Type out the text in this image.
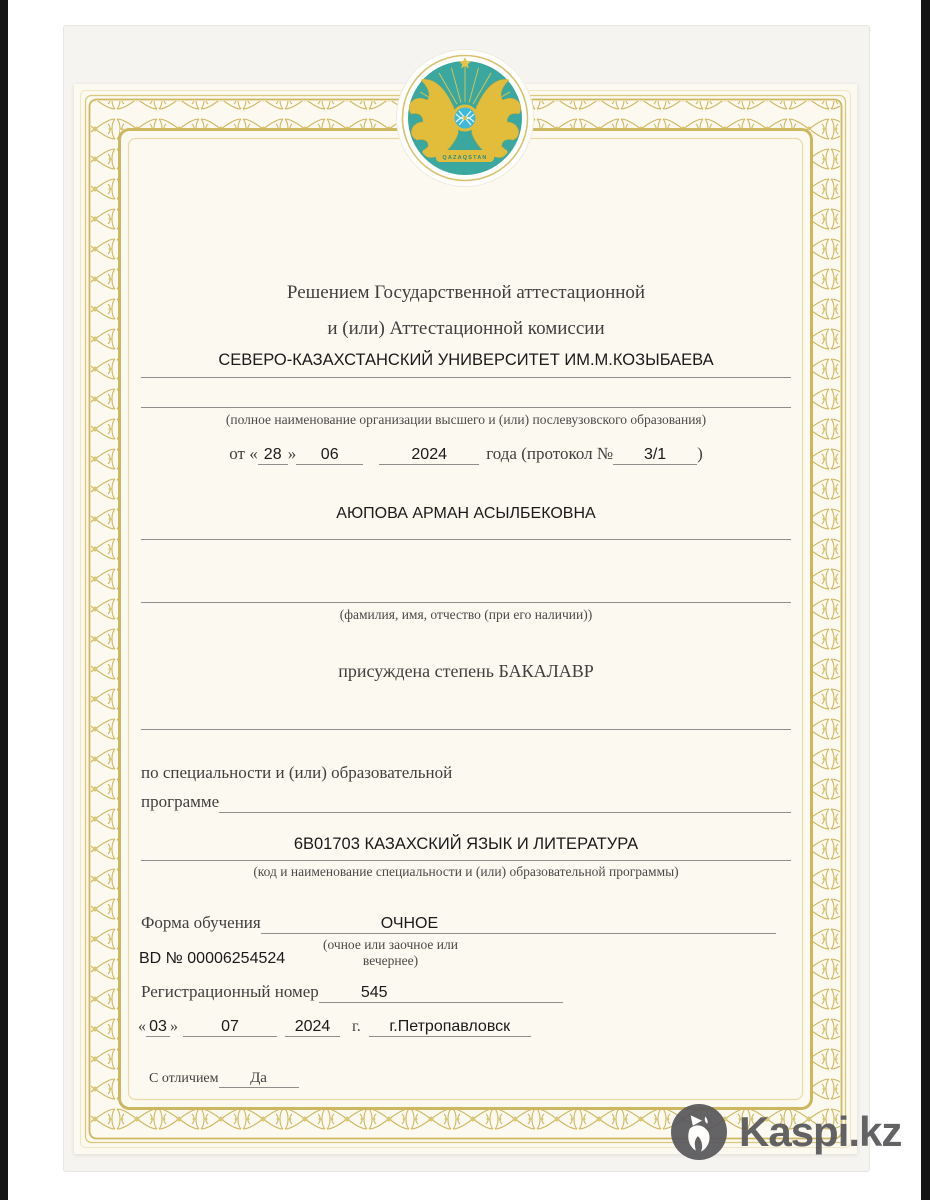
QAZAQSTAN
Решением Государственной аттестационной
и (или) Аттестационной комиссии
СЕВЕРО-КАЗАХСТАНСКИЙ УНИВЕРСИТЕТ ИМ.М.КОЗЫБАЕВА
(полное наименование организации высшего и (или) послевузовского образования)
от « 28 »	06	2024	года (протокол №	3/1	)
АЮПОВА АРМАН АСЫЛБЕКОВНА
(фамилия, имя, отчество (при его наличии))
присуждена степень БАКАЛАВР
по специальности и (или) образовательной
программе

6В01703 КАЗАХСКИЙ ЯЗЫК И ЛИТЕРАТУРА
(код и наименование специальности и (или) образовательной программы)
Форма обучения	ОЧНОЕ
(очное или заочное или вечернее)
BD № 00006254524
Регистрационный номер	545
« 03 »	07	2024	г.	г.Петропавловск
С отличием	Да
Kaspi.kz
